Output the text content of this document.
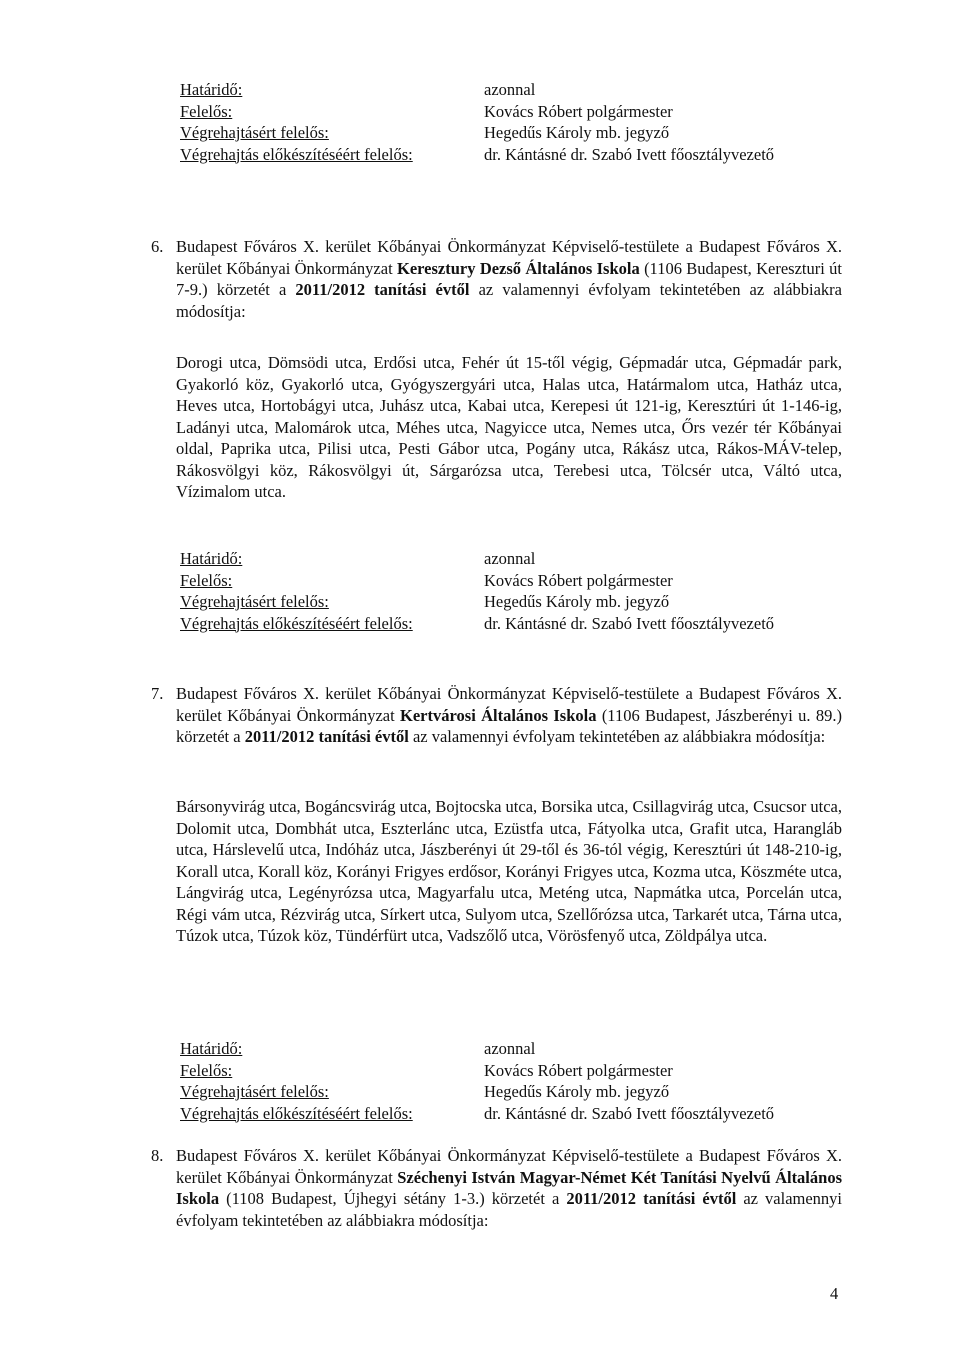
Határidő:	azonnal
Felelős:	Kovács Róbert polgármester
Végrehajtásért felelős:	Hegedűs Károly mb. jegyző
Végrehajtás előkészítéséért felelős:	dr. Kántásné dr. Szabó Ivett főosztályvezető
6. Budapest Főváros X. kerület Kőbányai Önkormányzat Képviselő-testülete a Budapest Főváros X. kerület Kőbányai Önkormányzat Keresztury Dezső Általános Iskola (1106 Budapest, Kereszturi út 7-9.) körzetét a 2011/2012 tanítási évtől az valamennyi évfolyam tekintetében az alábbiakra módosítja:

Dorogi utca, Dömsödi utca, Erdősi utca, Fehér út 15-től végig, Gépmadár utca, Gépmadár park, Gyakorló köz, Gyakorló utca, Gyógyszergyári utca, Halas utca, Határmalom utca, Hatház utca, Heves utca, Hortobágyi utca, Juhász utca, Kabai utca, Kerepesi út 121-ig, Keresztúri út 1-146-ig, Ladányi utca, Malomárok utca, Méhes utca, Nagyicce utca, Nemes utca, Őrs vezér tér Kőbányai oldal, Paprika utca, Pilisi utca, Pesti Gábor utca, Pogány utca, Rákász utca, Rákos-MÁV-telep, Rákosvölgyi köz, Rákosvölgyi út, Sárgarózsa utca, Terebesi utca, Tölcsér utca, Váltó utca, Vízimalom utca.

Határidő:	azonnal
Felelős:	Kovács Róbert polgármester
Végrehajtásért felelős:	Hegedűs Károly mb. jegyző
Végrehajtás előkészítéséért felelős:	dr. Kántásné dr. Szabó Ivett főosztályvezető
7. Budapest Főváros X. kerület Kőbányai Önkormányzat Képviselő-testülete a Budapest Főváros X. kerület Kőbányai Önkormányzat Kertvárosi Általános Iskola (1106 Budapest, Jászberényi u. 89.) körzetét a 2011/2012 tanítási évtől az valamennyi évfolyam tekintetében az alábbiakra módosítja:

Bársonyvirág utca, Bogáncsvirág utca, Bojtocska utca, Borsika utca, Csillagvirág utca, Csucsor utca, Dolomit utca, Dombhát utca, Eszterlánc utca, Ezüstfa utca, Fátyolka utca, Grafit utca, Harangláb utca, Hárslevelű utca, Indóház utca, Jászberényi út 29-től és 36-tól végig, Keresztúri út 148-210-ig, Korall utca, Korall köz, Korányi Frigyes erdősor, Korányi Frigyes utca, Kozma utca, Köszméte utca, Lángvirág utca, Legényrózsa utca, Magyarfalu utca, Meténg utca, Napmátka utca, Porcelán utca, Régi vám utca, Rézvirág utca, Sírkert utca, Sulyom utca, Szellőrózsa utca, Tarkarét utca, Tárna utca, Túzok utca, Túzok köz, Tündérfürt utca, Vadszőlő utca, Vörösfenyő utca, Zöldpálya utca.

Határidő:	azonnal
Felelős:	Kovács Róbert polgármester
Végrehajtásért felelős:	Hegedűs Károly mb. jegyző
Végrehajtás előkészítéséért felelős:	dr. Kántásné dr. Szabó Ivett főosztályvezető
8. Budapest Főváros X. kerület Kőbányai Önkormányzat Képviselő-testülete a Budapest Főváros X. kerület Kőbányai Önkormányzat Széchenyi István Magyar-Német Két Tanítási Nyelvű Általános Iskola (1108 Budapest, Újhegyi sétány 1-3.) körzetét a 2011/2012 tanítási évtől az valamennyi évfolyam tekintetében az alábbiakra módosítja:

4
